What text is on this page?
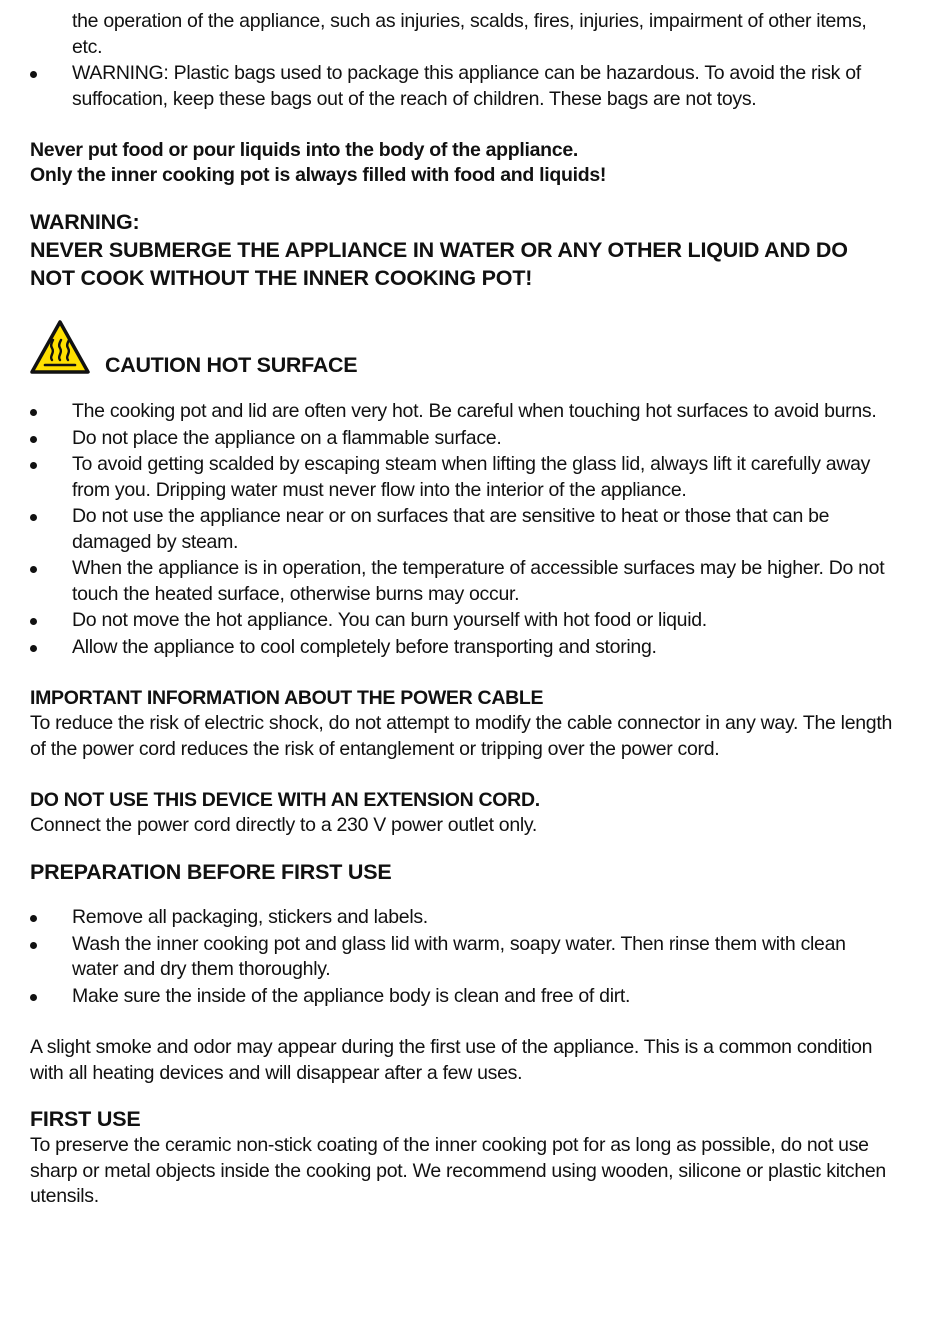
the operation of the appliance, such as injuries, scalds, fires, injuries, impairment of other items, etc.
WARNING: Plastic bags used to package this appliance can be hazardous. To avoid the risk of suffocation, keep these bags out of the reach of children. These bags are not toys.
Never put food or pour liquids into the body of the appliance.
Only the inner cooking pot is always filled with food and liquids!
WARNING:
NEVER SUBMERGE THE APPLIANCE IN WATER OR ANY OTHER LIQUID AND DO NOT COOK WITHOUT THE INNER COOKING POT!
CAUTION HOT SURFACE
The cooking pot and lid are often very hot. Be careful when touching hot surfaces to avoid burns.
Do not place the appliance on a flammable surface.
To avoid getting scalded by escaping steam when lifting the glass lid, always lift it carefully away from you. Dripping water must never flow into the interior of the appliance.
Do not use the appliance near or on surfaces that are sensitive to heat or those that can be damaged by steam.
When the appliance is in operation, the temperature of accessible surfaces may be higher. Do not touch the heated surface, otherwise burns may occur.
Do not move the hot appliance. You can burn yourself with hot food or liquid.
Allow the appliance to cool completely before transporting and storing.
IMPORTANT INFORMATION ABOUT THE POWER CABLE
To reduce the risk of electric shock, do not attempt to modify the cable connector in any way. The length of the power cord reduces the risk of entanglement or tripping over the power cord.
DO NOT USE THIS DEVICE WITH AN EXTENSION CORD.
Connect the power cord directly to a 230 V power outlet only.
PREPARATION BEFORE FIRST USE
Remove all packaging, stickers and labels.
Wash the inner cooking pot and glass lid with warm, soapy water. Then rinse them with clean water and dry them thoroughly.
Make sure the inside of the appliance body is clean and free of dirt.
A slight smoke and odor may appear during the first use of the appliance. This is a common condition with all heating devices and will disappear after a few uses.
FIRST USE
To preserve the ceramic non-stick coating of the inner cooking pot for as long as possible, do not use sharp or metal objects inside the cooking pot. We recommend using wooden, silicone or plastic kitchen utensils.
